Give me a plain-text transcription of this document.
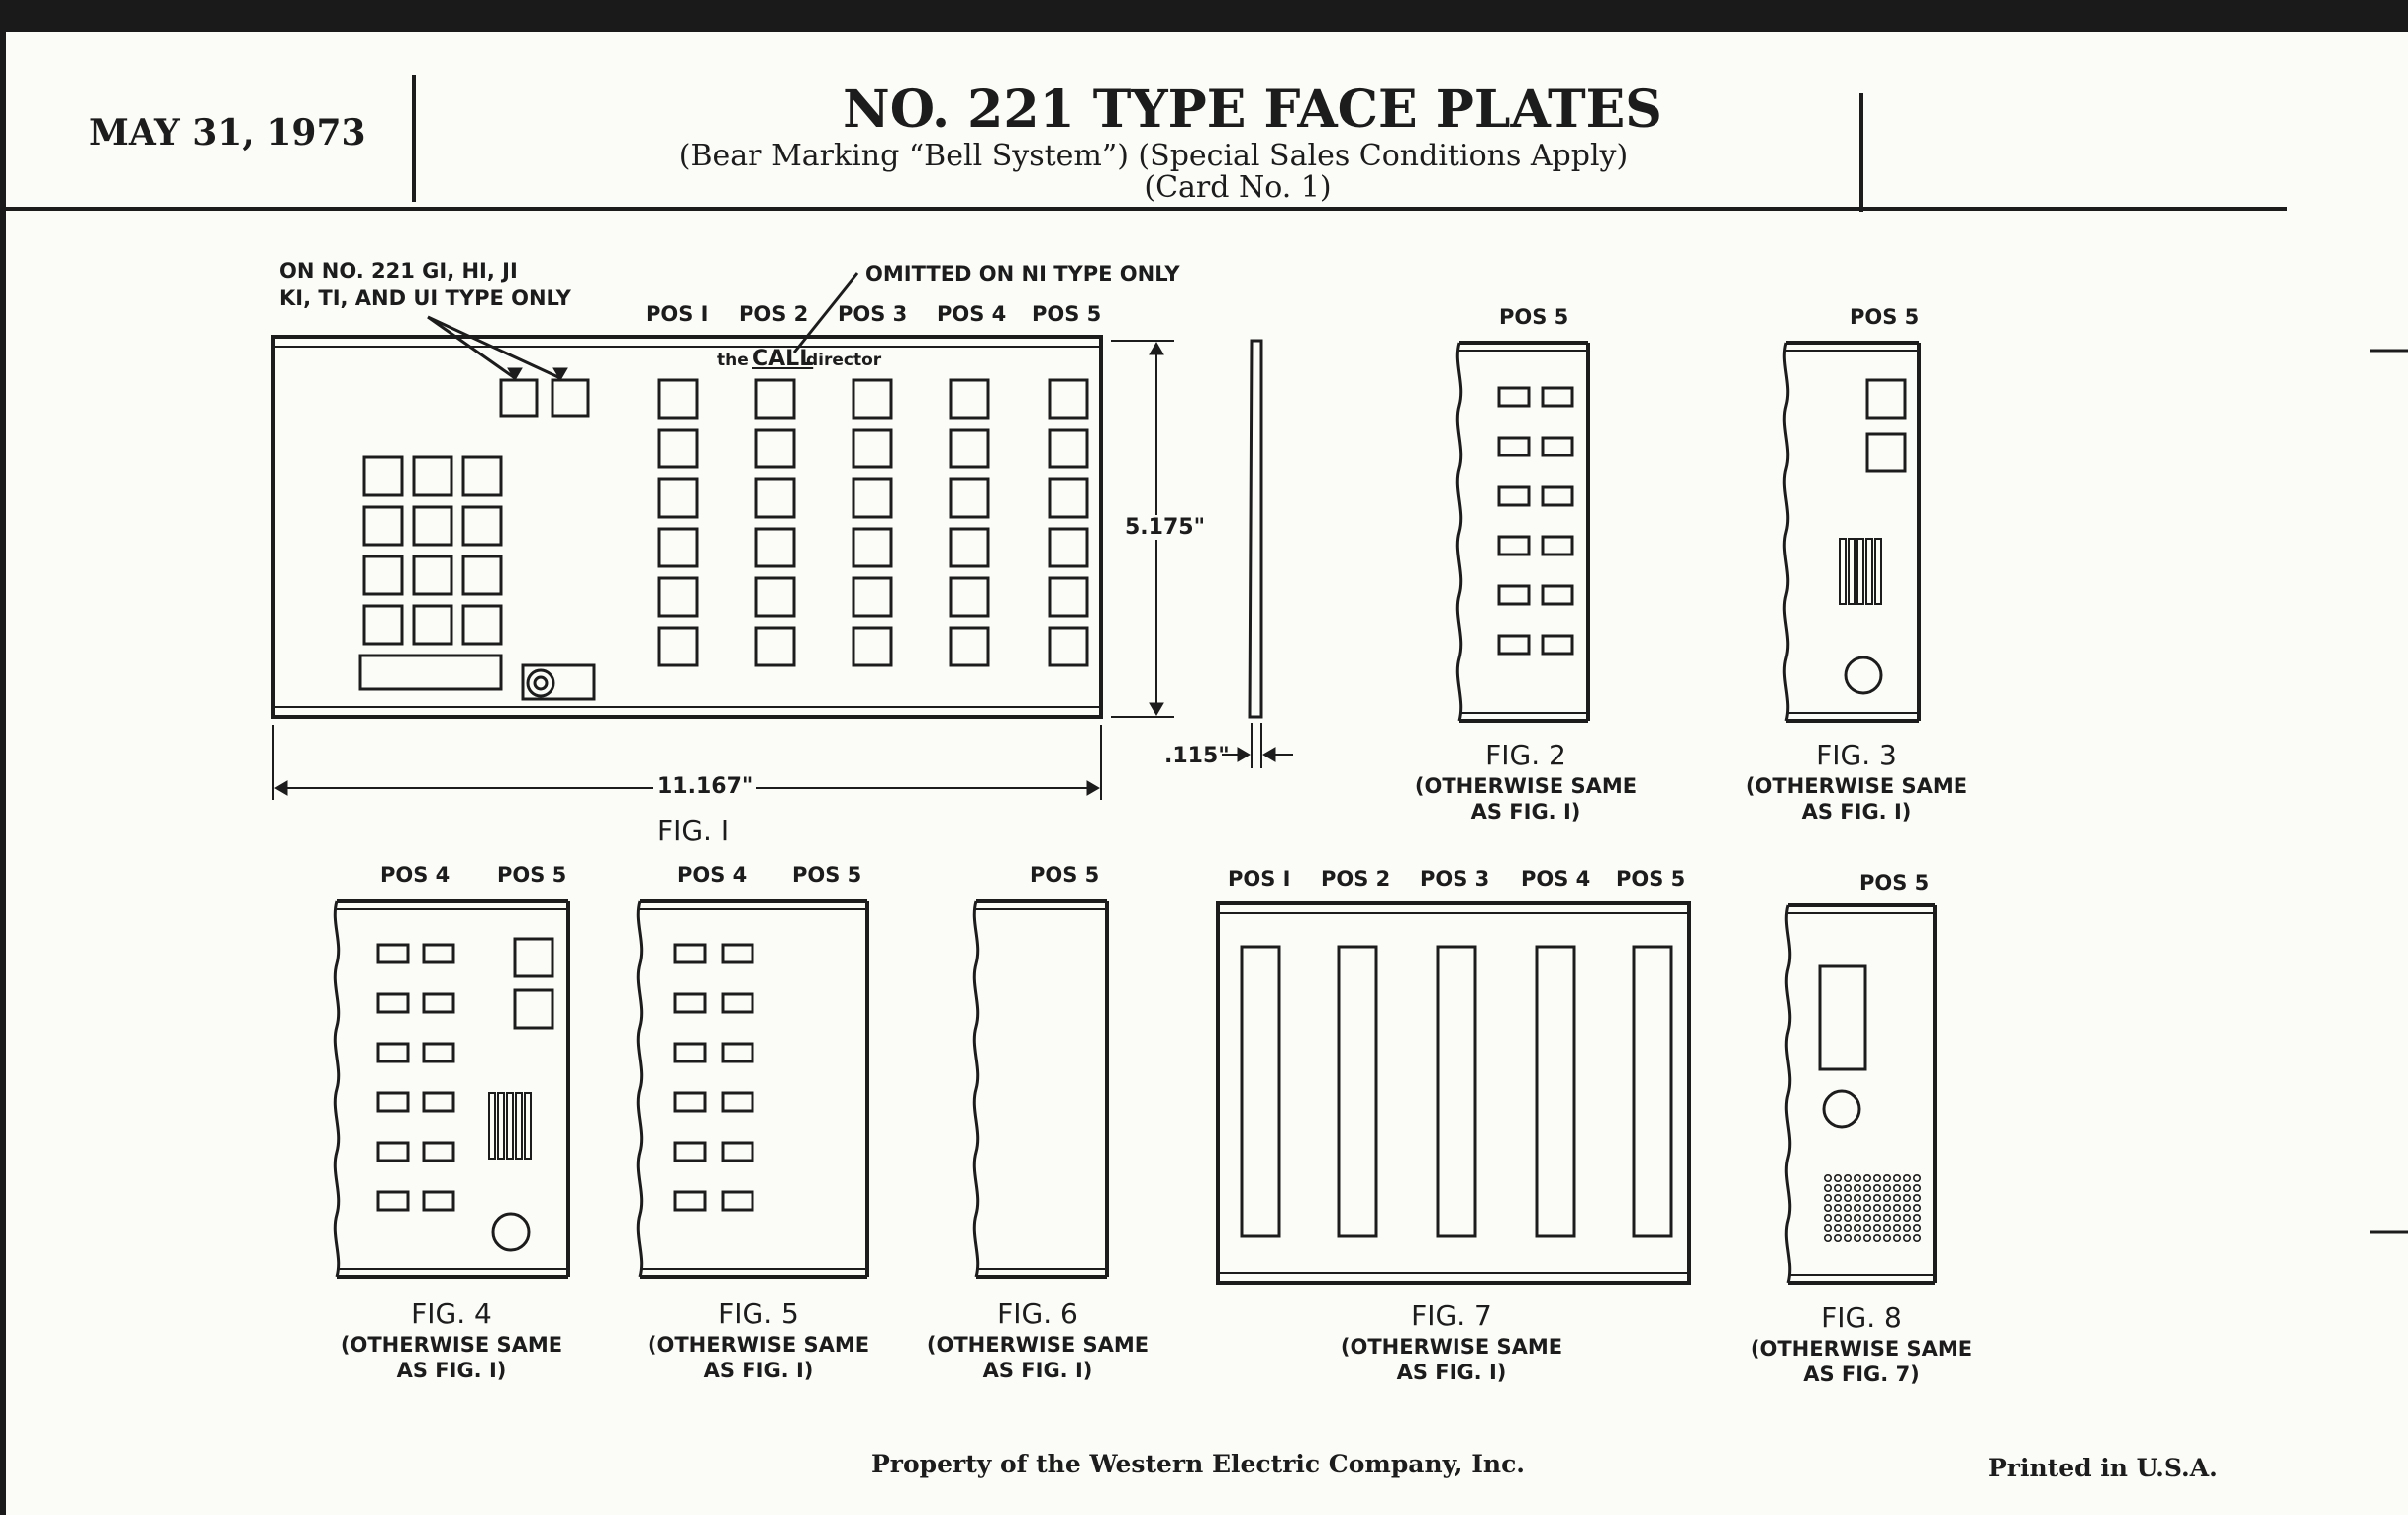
MAY 31, 1973	NO. 221 TYPE FACE PLATES
(Bear Marking “Bell System”) (Special Sales Conditions Apply)
(Card No. 1)
ON NO. 221 GI, HI, JI
KI, TI, AND UI TYPE ONLY
OMITTED ON NI TYPE ONLY
the CALL
director
POS I POS 2 POS 3 POS 4 POS 5
5.175"
11.167"
.115"
FIG. I
POS 5
FIG. 2
(OTHERWISE SAME
AS FIG. I)
POS 5
FIG. 3
(OTHERWISE SAME
AS FIG. I)
POS 4 POS 5
FIG. 4
(OTHERWISE SAME
AS FIG. I)
POS 4 POS 5
FIG. 5
(OTHERWISE SAME
AS FIG. I)
POS 5
FIG. 6
(OTHERWISE SAME
AS FIG. I)
POS I POS 2 POS 3 POS 4 POS 5
FIG. 7
(OTHERWISE SAME
AS FIG. I)
POS 5
FIG. 8
(OTHERWISE SAME
AS FIG. 7)
Property of the Western Electric Company, Inc.	Printed in U.S.A.
